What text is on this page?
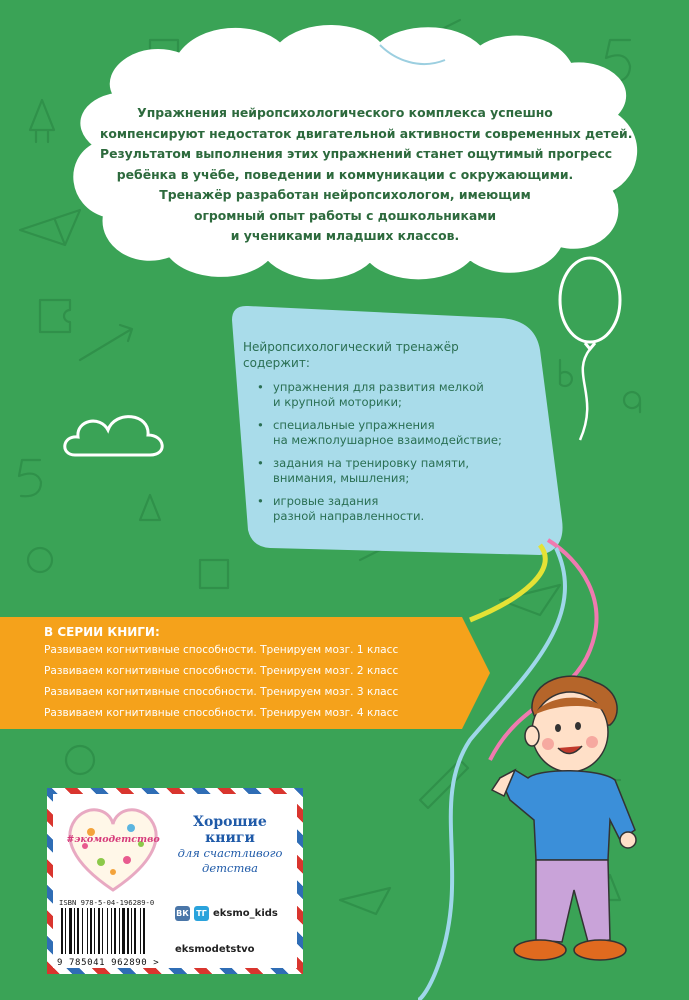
Упражнения нейропсихологического комплекса успешно

компенсируют недостаток двигательной активности современных детей.

Результатом выполнения этих упражнений станет ощутимый прогресс

ребёнка в учёбе, поведении и коммуникации с окружающими.

Тренажёр разработан нейропсихологом, имеющим

огромный опыт работы с дошкольниками

и учениками младших классов.

Нейропсихологический тренажёр
содержит:

• упражнения для развития мелкой
и крупной моторики;
• специальные упражнения
на межполушарное взаимодействие;
• задания на тренировку памяти,
внимания, мышления;
• игровые задания
разной направленности.
В СЕРИИ КНИГИ:
Развиваем когнитивные способности. Тренируем мозг. 1 класс
Развиваем когнитивные способности. Тренируем мозг. 2 класс
Развиваем когнитивные способности. Тренируем мозг. 3 класс
Развиваем когнитивные способности. Тренируем мозг. 4 класс
#экомодетство
Хорошие
книги
для счастливого
детства
ISBN 978-5-04-196289-0
9 785041 962890 >
ВК ТГ eksmo_kids
eksmodetstvo
